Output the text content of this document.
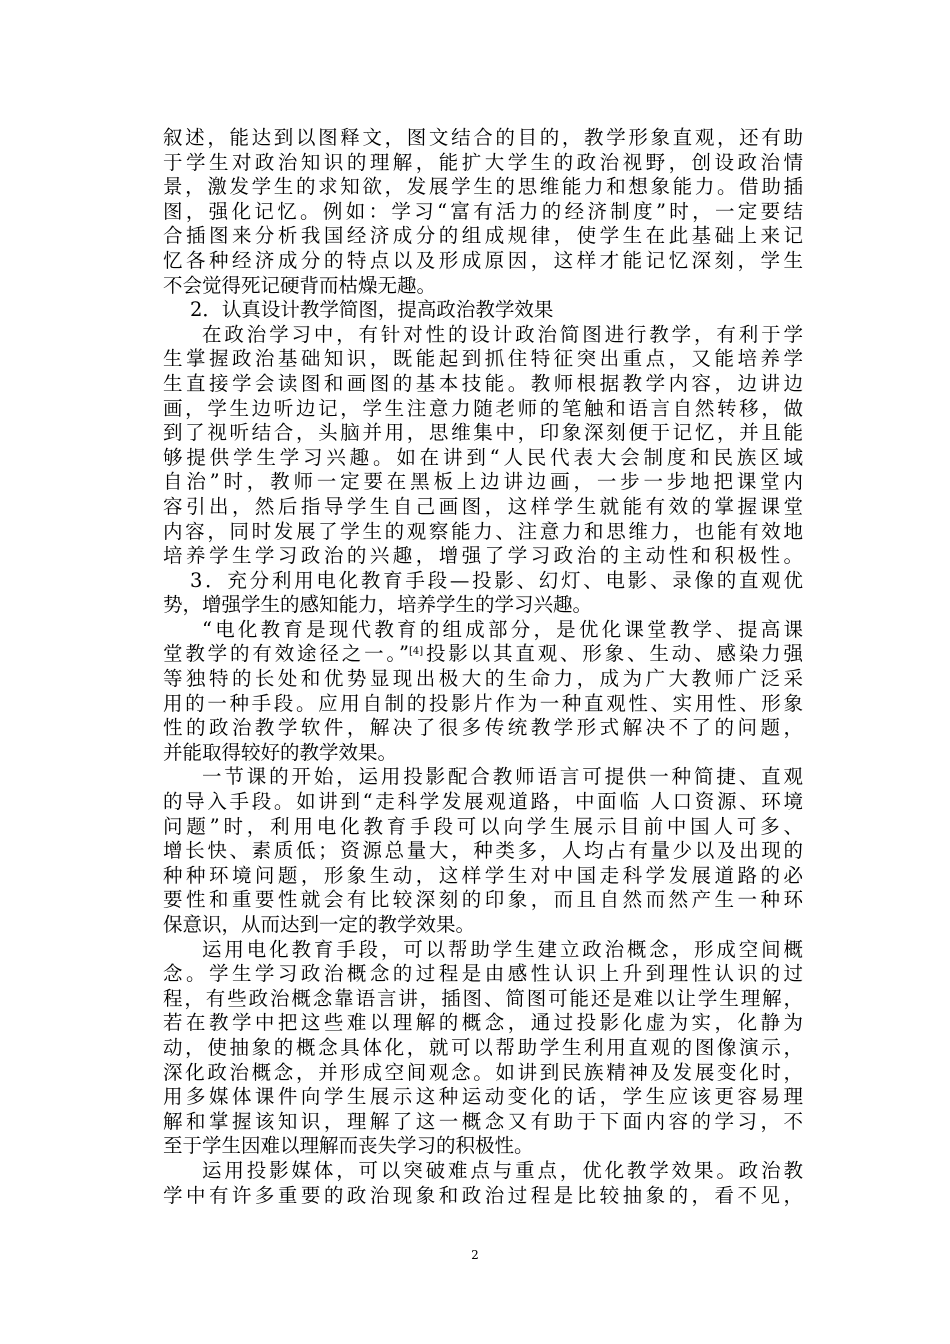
叙述，能达到以图释文，图文结合的目的，教学形象直观，还有助
于学生对政治知识的理解，能扩大学生的政治视野，创设政治情
景，激发学生的求知欲，发展学生的思维能力和想象能力。借助插
图，强化记忆。例如：学习“富有活力的经济制度”时，一定要结
合插图来分析我国经济成分的组成规律，使学生在此基础上来记
忆各种经济成分的特点以及形成原因，这样才能记忆深刻，学生
不会觉得死记硬背而枯燥无趣。
2．认真设计教学简图，提高政治教学效果
在政治学习中，有针对性的设计政治简图进行教学，有利于学
生掌握政治基础知识，既能起到抓住特征突出重点，又能培养学
生直接学会读图和画图的基本技能。教师根据教学内容，边讲边
画，学生边听边记，学生注意力随老师的笔触和语言自然转移，做
到了视听结合，头脑并用，思维集中，印象深刻便于记忆，并且能
够提供学生学习兴趣。如在讲到“人民代表大会制度和民族区域
自治”时，教师一定要在黑板上边讲边画，一步一步地把课堂内
容引出，然后指导学生自己画图，这样学生就能有效的掌握课堂
内容，同时发展了学生的观察能力、注意力和思维力，也能有效地
培养学生学习政治的兴趣，增强了学习政治的主动性和积极性。
3．充分利用电化教育手段—投影、幻灯、电影、录像的直观优
势，增强学生的感知能力，培养学生的学习兴趣。
“电化教育是现代教育的组成部分，是优化课堂教学、提高课
堂教学的有效途径之一。”[4]投影以其直观、形象、生动、感染力强
等独特的长处和优势显现出极大的生命力，成为广大教师广泛采
用的一种手段。应用自制的投影片作为一种直观性、实用性、形象
性的政治教学软件，解决了很多传统教学形式解决不了的问题，
并能取得较好的教学效果。
一节课的开始，运用投影配合教师语言可提供一种简捷、直观
的导入手段。如讲到“走科学发展观道路，中面临 人口资源、环境
问题”时，利用电化教育手段可以向学生展示目前中国人可多、
增长快、素质低；资源总量大，种类多，人均占有量少以及出现的
种种环境问题，形象生动，这样学生对中国走科学发展道路的必
要性和重要性就会有比较深刻的印象，而且自然而然产生一种环
保意识，从而达到一定的教学效果。
运用电化教育手段，可以帮助学生建立政治概念，形成空间概
念。学生学习政治概念的过程是由感性认识上升到理性认识的过
程，有些政治概念靠语言讲，插图、简图可能还是难以让学生理解，
若在教学中把这些难以理解的概念，通过投影化虚为实，化静为
动，使抽象的概念具体化，就可以帮助学生利用直观的图像演示，
深化政治概念，并形成空间观念。如讲到民族精神及发展变化时，
用多媒体课件向学生展示这种运动变化的话，学生应该更容易理
解和掌握该知识，理解了这一概念又有助于下面内容的学习，不
至于学生因难以理解而丧失学习的积极性。
运用投影媒体，可以突破难点与重点，优化教学效果。政治教
学中有许多重要的政治现象和政治过程是比较抽象的，看不见，
2
